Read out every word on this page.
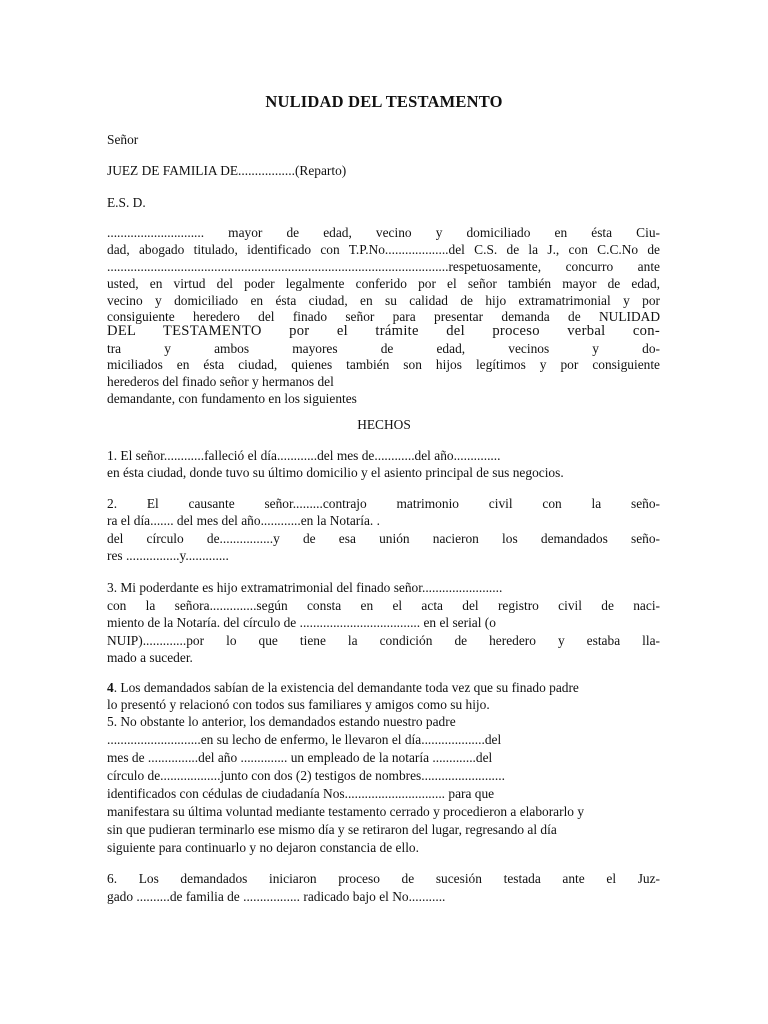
NULIDAD DEL TESTAMENTO
Señor
JUEZ DE FAMILIA DE.................(Reparto)
E.S. D.
............................. mayor de edad, vecino y domiciliado en ésta Ciu-
dad, abogado titulado, identificado con T.P.No...................del C.S. de la J., con C.C.No de
......................................................................................................respetuosamente, concurro ante
usted, en virtud del poder legalmente conferido por el señor también mayor de edad,
vecino y domiciliado en ésta ciudad, en su calidad de hijo extramatrimonial y por
consiguiente heredero del finado señor para presentar demanda de NULIDAD
DEL TESTAMENTO por el trámite del proceso verbal con-
tra y ambos mayores de edad, vecinos y do-
miciliados en ésta ciudad, quienes también son hijos legítimos y por consiguiente
herederos del finado señor y hermanos del
demandante, con fundamento en los siguientes
HECHOS
1. El señor............falleció el día............del mes de............del año..............
en ésta ciudad, donde tuvo su último domicilio y el asiento principal de sus negocios.
2. El causante señor.........contrajo matrimonio civil con la seño-
ra el día....... del mes del año............en la Notaría. .
del círculo de................y de esa unión nacieron los demandados seño-
res ................y.............
3. Mi poderdante es hijo extramatrimonial del finado señor........................
con la señora..............según consta en el acta del registro civil de naci-
miento de la Notaría. del círculo de .................................... en el serial (o
NUIP).............por lo que tiene la condición de heredero y estaba lla-
mado a suceder.
4. Los demandados sabían de la existencia del demandante toda vez que su finado padre
lo presentó y relacionó con todos sus familiares y amigos como su hijo.
5. No obstante lo anterior, los demandados estando nuestro padre
............................en su lecho de enfermo, le llevaron el día...................del
mes de ...............del año .............. un empleado de la notaría .............del
círculo de..................junto con dos (2) testigos de nombres.........................
identificados con cédulas de ciudadanía Nos.............................. para que
manifestara su última voluntad mediante testamento cerrado y procedieron a elaborarlo y
sin que pudieran terminarlo ese mismo día y se retiraron del lugar, regresando al día
siguiente para continuarlo y no dejaron constancia de ello.
6. Los demandados iniciaron proceso de sucesión testada ante el Juz-
gado ..........de familia de ................. radicado bajo el No...........
